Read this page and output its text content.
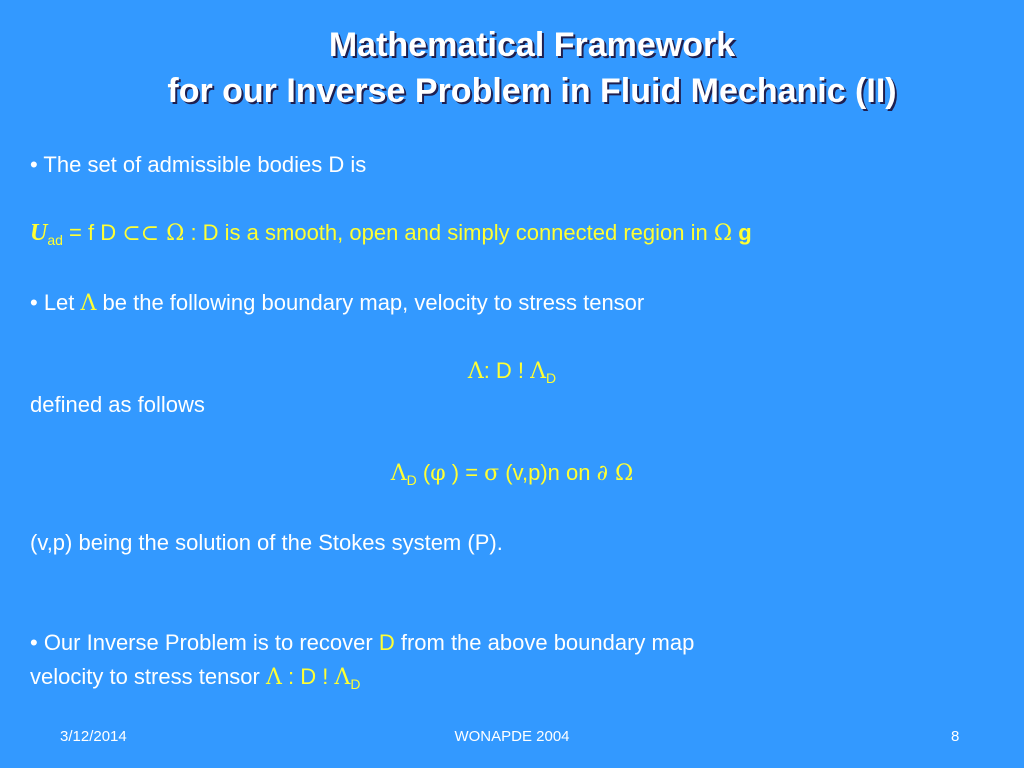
Mathematical Framework
for our Inverse Problem in Fluid Mechanic (II)
• The set of admissible bodies D is
$U_{ad} = f$ D ⊂⊂ Ω : D is a smooth, open and simply connected region in Ω g
• Let Λ be the following boundary map, velocity to stress tensor
Λ: D ! $\Lambda_D$
defined as follows
$\Lambda_D$ (φ ) = σ (v,p)n on ∂ Ω
(v,p) being the solution of the Stokes system (P).
• Our Inverse Problem is to recover D from the above boundary map
velocity to stress tensor Λ : D ! $\Lambda_D$
3/12/2014	WONAPDE 2004	8
